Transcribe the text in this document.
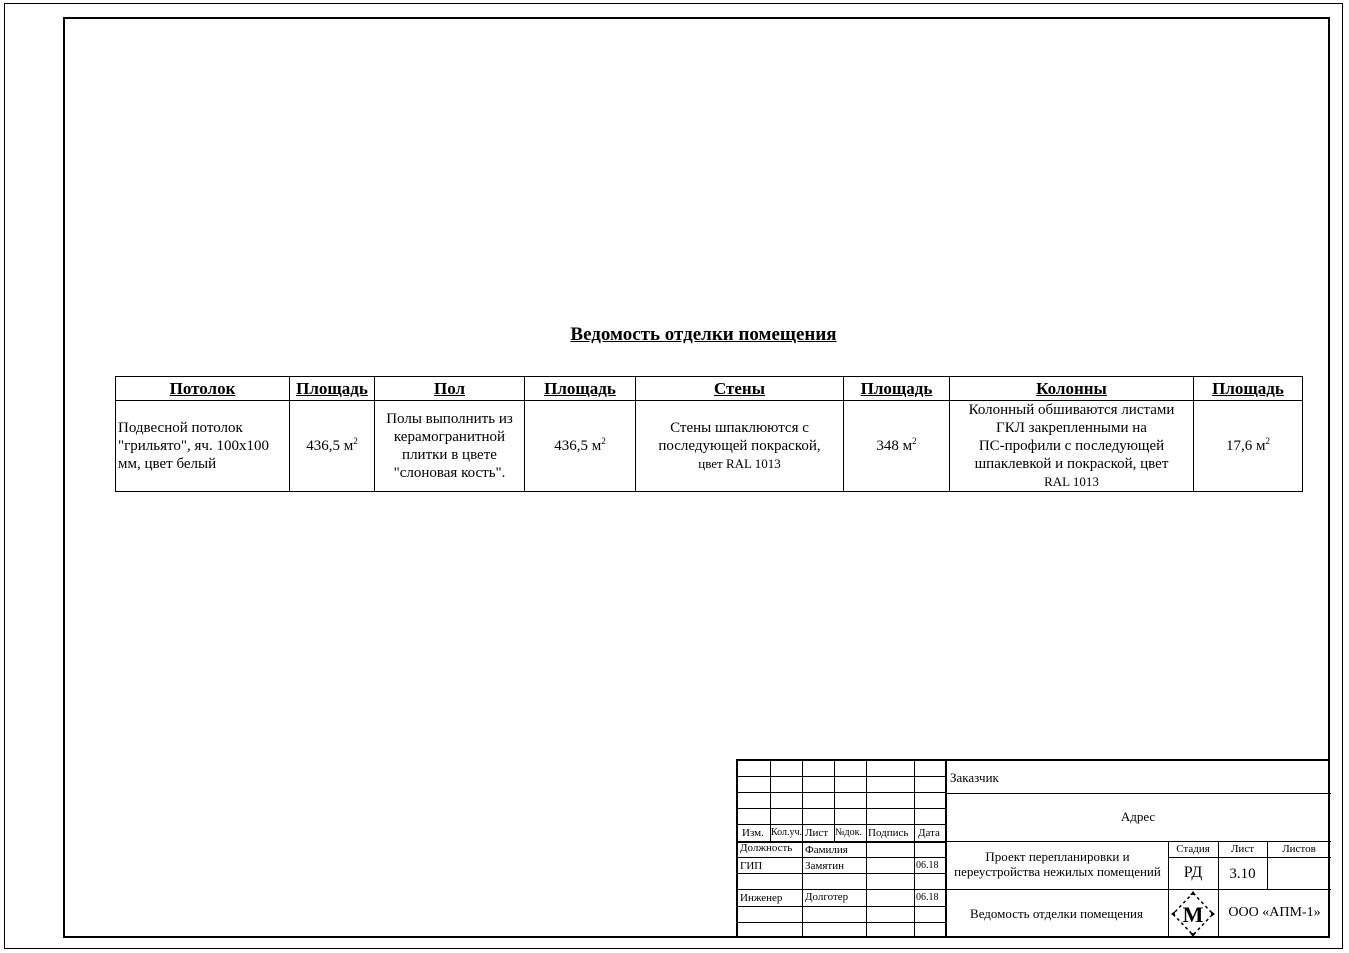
Ведомость отделки помещения
Потолок	Площадь	Пол	Площадь	Стены	Площадь	Колонны	Площадь
Подвесной потолок "грильято", яч. 100х100 мм, цвет белый	436,5 $м^2$	Полы выполнить из
керамогранитной
плитки в цвете
"слоновая кость".	436,5 $м^2$	Стены шпаклюются с
последующей покраской,
цвет RAL 1013	348 $м^2$	Колонный обшиваются листами
ГКЛ закрепленными на
ПС-профили с последующей
шпаклевкой и покраской, цвет
RAL 1013	17,6 $м^2$
Изм. Кол.уч. Лист №док. Подпись Дата
Должность Фамилия
ГИП	Замятин	06.18
Инженер Долготер	06.18
Заказчик
Адрес
Проект перепланировки и
переустройства нежилых помещений
Стадия	Лист	Листов
РД	3.10
Ведомость отделки помещения	ООО «АПМ-1»
М
